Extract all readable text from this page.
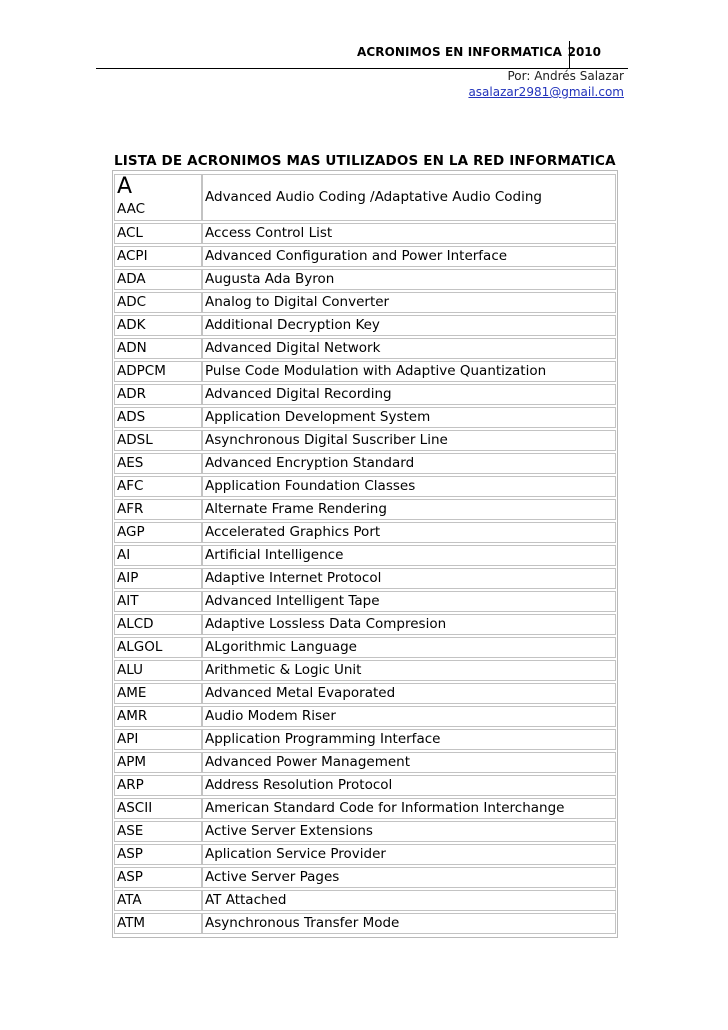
ACRONIMOS EN INFORMATICA 2010
Por: Andrés Salazar
asalazar2981@gmail.com
LISTA DE ACRONIMOS MAS UTILIZADOS EN LA RED INFORMATICA
A
AAC	Advanced Audio Coding /Adaptative Audio Coding
ACL	Access Control List
ACPI	Advanced Configuration and Power Interface
ADA	Augusta Ada Byron
ADC	Analog to Digital Converter
ADK	Additional Decryption Key
ADN	Advanced Digital Network
ADPCM	Pulse Code Modulation with Adaptive Quantization
ADR	Advanced Digital Recording
ADS	Application Development System
ADSL	Asynchronous Digital Suscriber Line
AES	Advanced Encryption Standard
AFC	Application Foundation Classes
AFR	Alternate Frame Rendering
AGP	Accelerated Graphics Port
AI	Artificial Intelligence
AIP	Adaptive Internet Protocol
AIT	Advanced Intelligent Tape
ALCD	Adaptive Lossless Data Compresion
ALGOL	ALgorithmic Language
ALU	Arithmetic & Logic Unit
AME	Advanced Metal Evaporated
AMR	Audio Modem Riser
API	Application Programming Interface
APM	Advanced Power Management
ARP	Address Resolution Protocol
ASCII	American Standard Code for Information Interchange
ASE	Active Server Extensions
ASP	Aplication Service Provider
ASP	Active Server Pages
ATA	AT Attached
ATM	Asynchronous Transfer Mode
